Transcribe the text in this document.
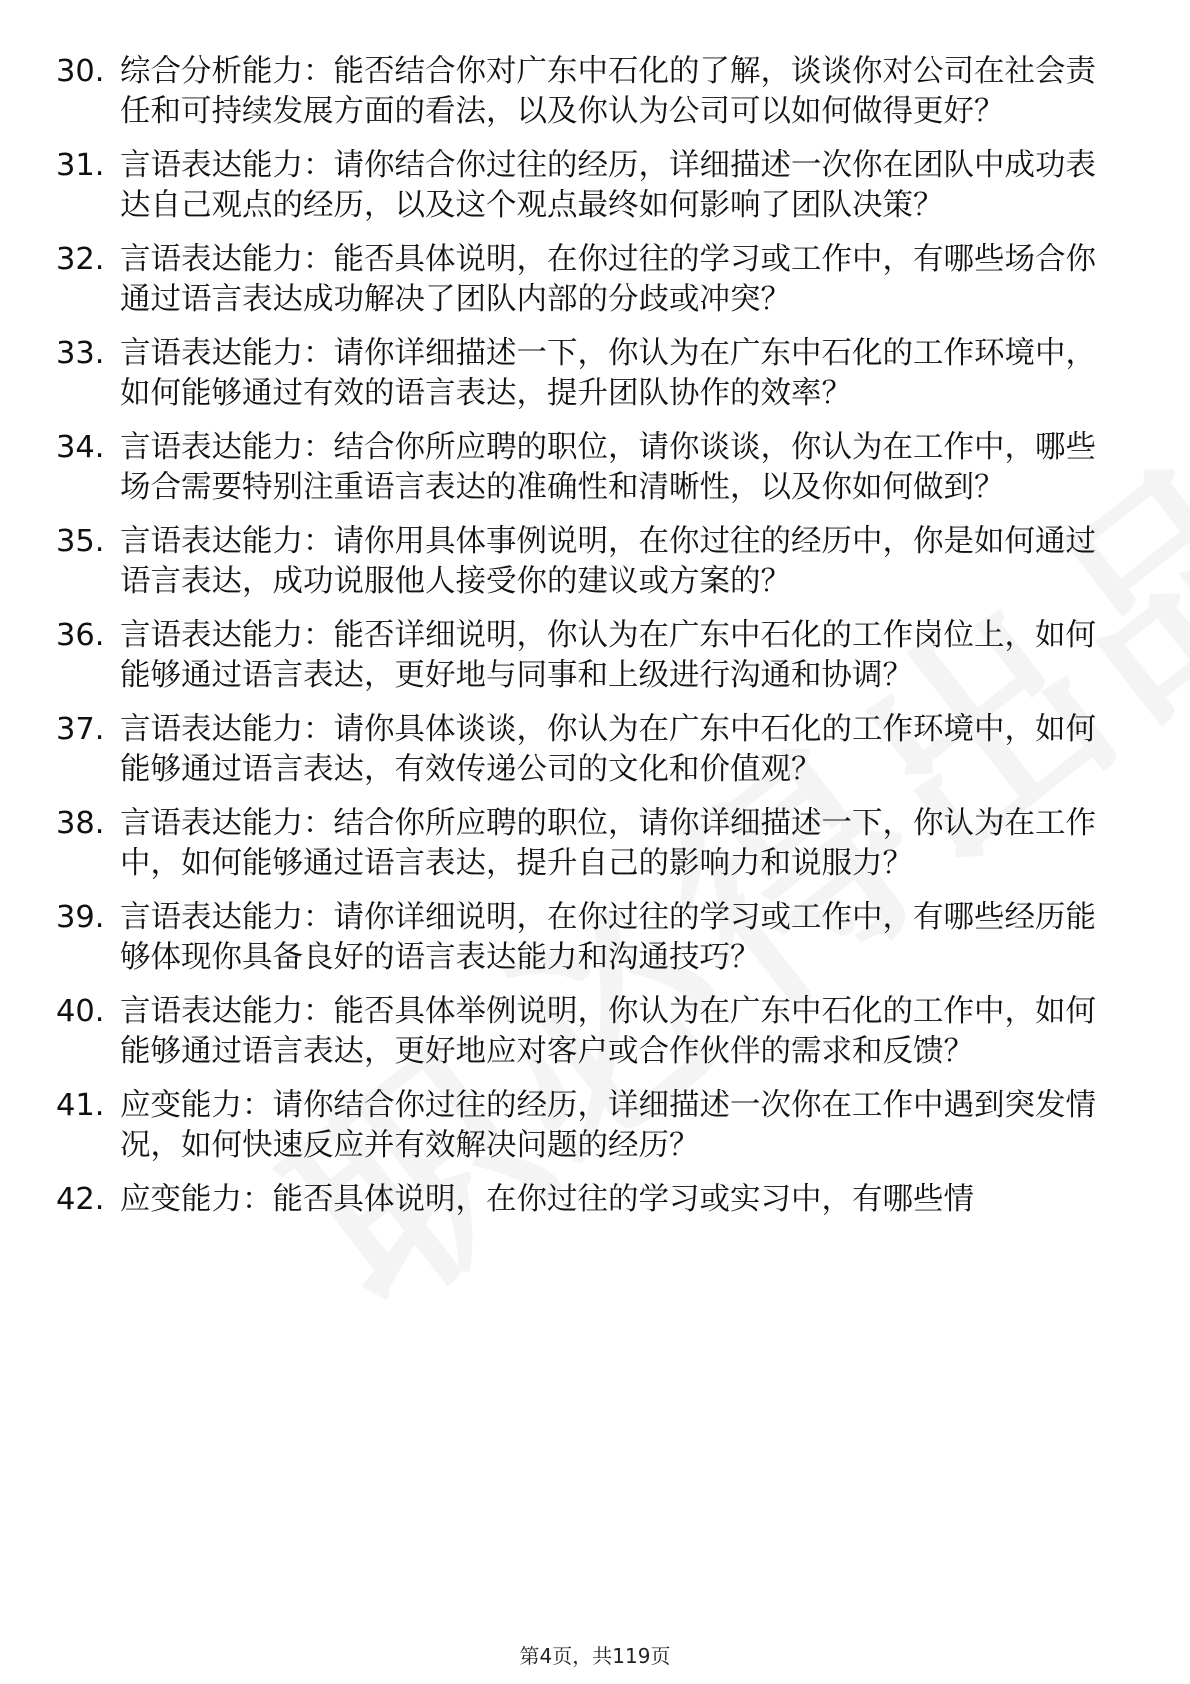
30. 综合分析能力：能否结合你对广东中石化的了解，谈谈你对公司在社会责任和可持续发展方面的看法，以及你认为公司可以如何做得更好？
31. 言语表达能力：请你结合你过往的经历，详细描述一次你在团队中成功表达自己观点的经历，以及这个观点最终如何影响了团队决策？
32. 言语表达能力：能否具体说明，在你过往的学习或工作中，有哪些场合你通过语言表达成功解决了团队内部的分歧或冲突？
33. 言语表达能力：请你详细描述一下，你认为在广东中石化的工作环境中，如何能够通过有效的语言表达，提升团队协作的效率？
34. 言语表达能力：结合你所应聘的职位，请你谈谈，你认为在工作中，哪些场合需要特别注重语言表达的准确性和清晰性，以及你如何做到？
35. 言语表达能力：请你用具体事例说明，在你过往的经历中，你是如何通过语言表达，成功说服他人接受你的建议或方案的？
36. 言语表达能力：能否详细说明，你认为在广东中石化的工作岗位上，如何能够通过语言表达，更好地与同事和上级进行沟通和协调？
37. 言语表达能力：请你具体谈谈，你认为在广东中石化的工作环境中，如何能够通过语言表达，有效传递公司的文化和价值观？
38. 言语表达能力：结合你所应聘的职位，请你详细描述一下，你认为在工作中，如何能够通过语言表达，提升自己的影响力和说服力？
39. 言语表达能力：请你详细说明，在你过往的学习或工作中，有哪些经历能够体现你具备良好的语言表达能力和沟通技巧？
40. 言语表达能力：能否具体举例说明，你认为在广东中石化的工作中，如何能够通过语言表达，更好地应对客户或合作伙伴的需求和反馈？
41. 应变能力：请你结合你过往的经历，详细描述一次你在工作中遇到突发情况，如何快速反应并有效解决问题的经历？
42. 应变能力：能否具体说明，在你过往的学习或实习中，有哪些情
第4页，共119页
